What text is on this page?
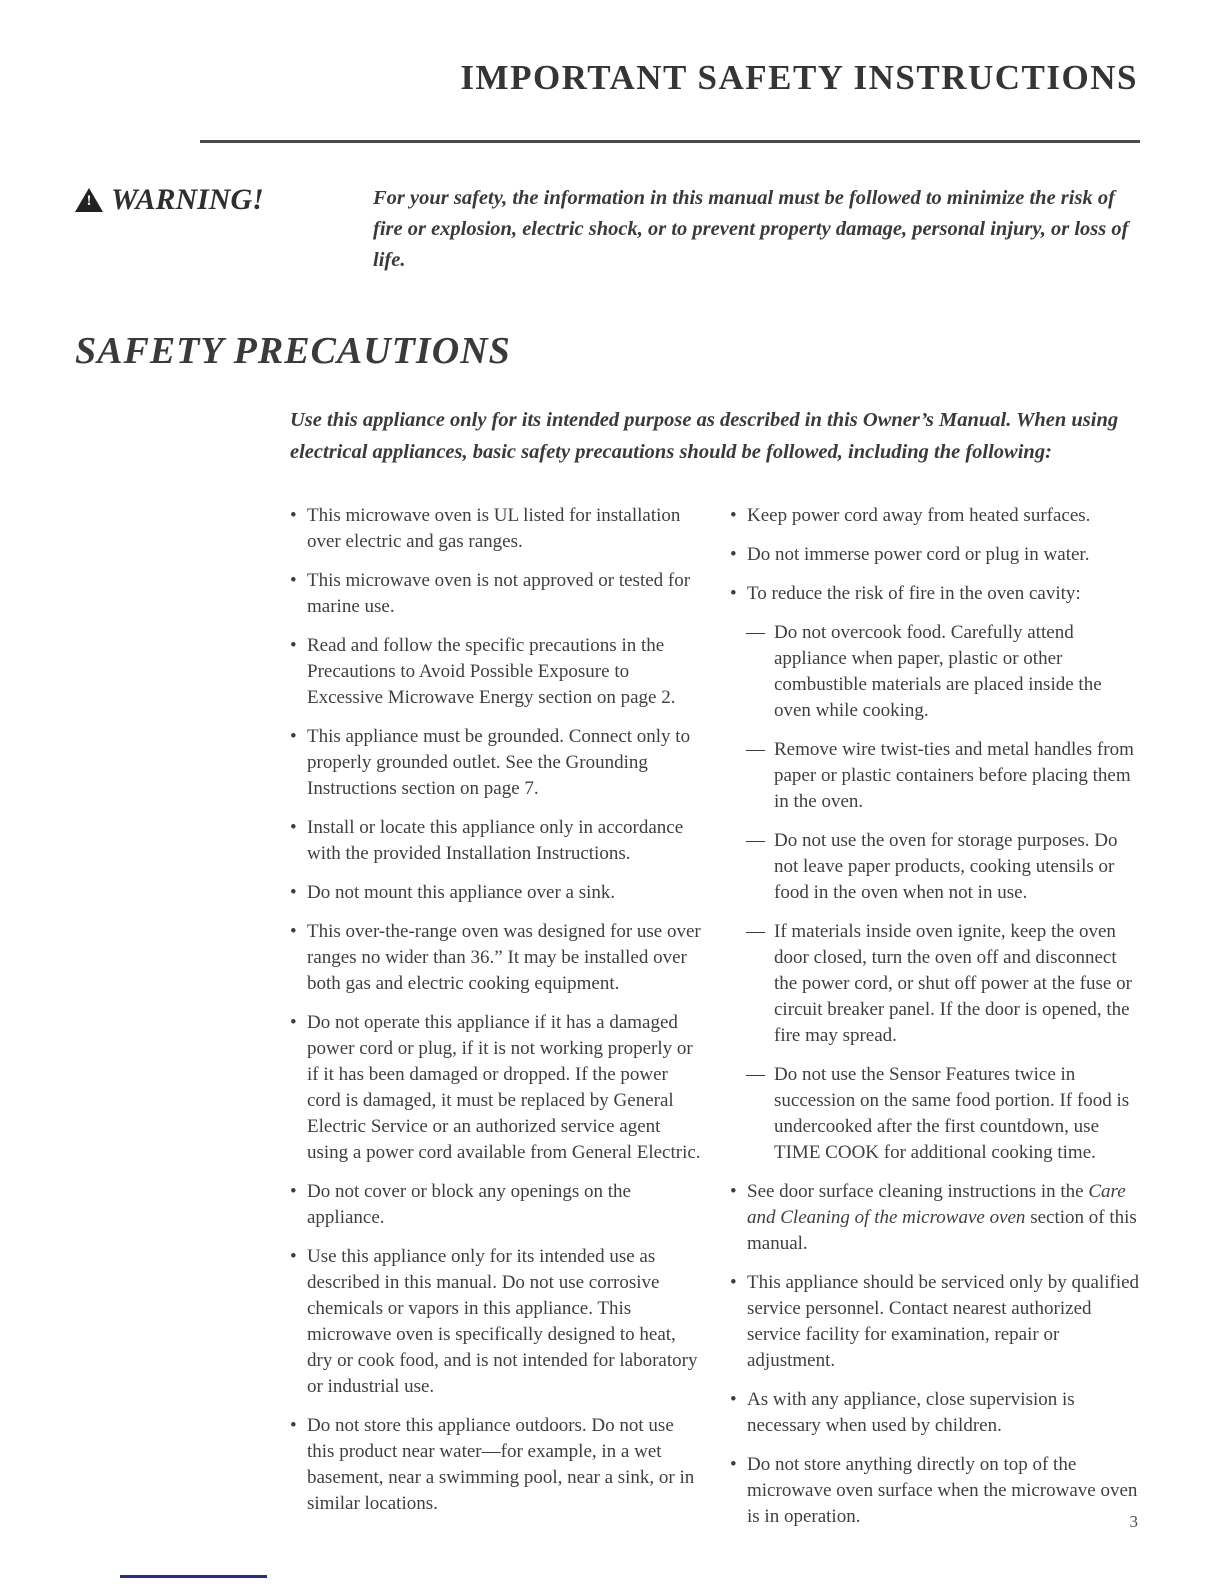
IMPORTANT SAFETY INSTRUCTIONS
! WARNING!	For your safety, the information in this manual must be followed to minimize the risk of fire or explosion, electric shock, or to prevent property damage, personal injury, or loss of life.
SAFETY PRECAUTIONS

Use this appliance only for its intended purpose as described in this Owner’s Manual. When using electrical appliances, basic safety precautions should be followed, including the following:

• This microwave oven is UL listed for installation over electric and gas ranges.
• This microwave oven is not approved or tested for marine use.
• Read and follow the specific precautions in the Precautions to Avoid Possible Exposure to Excessive Microwave Energy section on page 2.
• This appliance must be grounded. Connect only to properly grounded outlet. See the Grounding Instructions section on page 7.
• Install or locate this appliance only in accordance with the provided Installation Instructions.
• Do not mount this appliance over a sink.
• This over-the-range oven was designed for use over ranges no wider than 36.” It may be installed over both gas and electric cooking equipment.
• Do not operate this appliance if it has a damaged power cord or plug, if it is not working properly or if it has been damaged or dropped. If the power cord is damaged, it must be replaced by General Electric Service or an authorized service agent using a power cord available from General Electric.
• Do not cover or block any openings on the appliance.
• Use this appliance only for its intended use as described in this manual. Do not use corrosive chemicals or vapors in this appliance. This microwave oven is specifically designed to heat, dry or cook food, and is not intended for laboratory or industrial use.
• Do not store this appliance outdoors. Do not use this product near water—for example, in a wet basement, near a swimming pool, near a sink, or in similar locations.
• Keep power cord away from heated surfaces.
• Do not immerse power cord or plug in water.
• To reduce the risk of fire in the oven cavity:
— Do not overcook food. Carefully attend appliance when paper, plastic or other combustible materials are placed inside the oven while cooking.
— Remove wire twist-ties and metal handles from paper or plastic containers before placing them in the oven.
— Do not use the oven for storage purposes. Do not leave paper products, cooking utensils or food in the oven when not in use.
— If materials inside oven ignite, keep the oven door closed, turn the oven off and disconnect the power cord, or shut off power at the fuse or circuit breaker panel. If the door is opened, the fire may spread.
— Do not use the Sensor Features twice in succession on the same food portion. If food is undercooked after the first countdown, use TIME COOK for additional cooking time.
• See door surface cleaning instructions in the Care and Cleaning of the microwave oven section of this manual.
• This appliance should be serviced only by qualified service personnel. Contact nearest authorized service facility for examination, repair or adjustment.
• As with any appliance, close supervision is necessary when used by children.
• Do not store anything directly on top of the microwave oven surface when the microwave oven is in operation.	3
